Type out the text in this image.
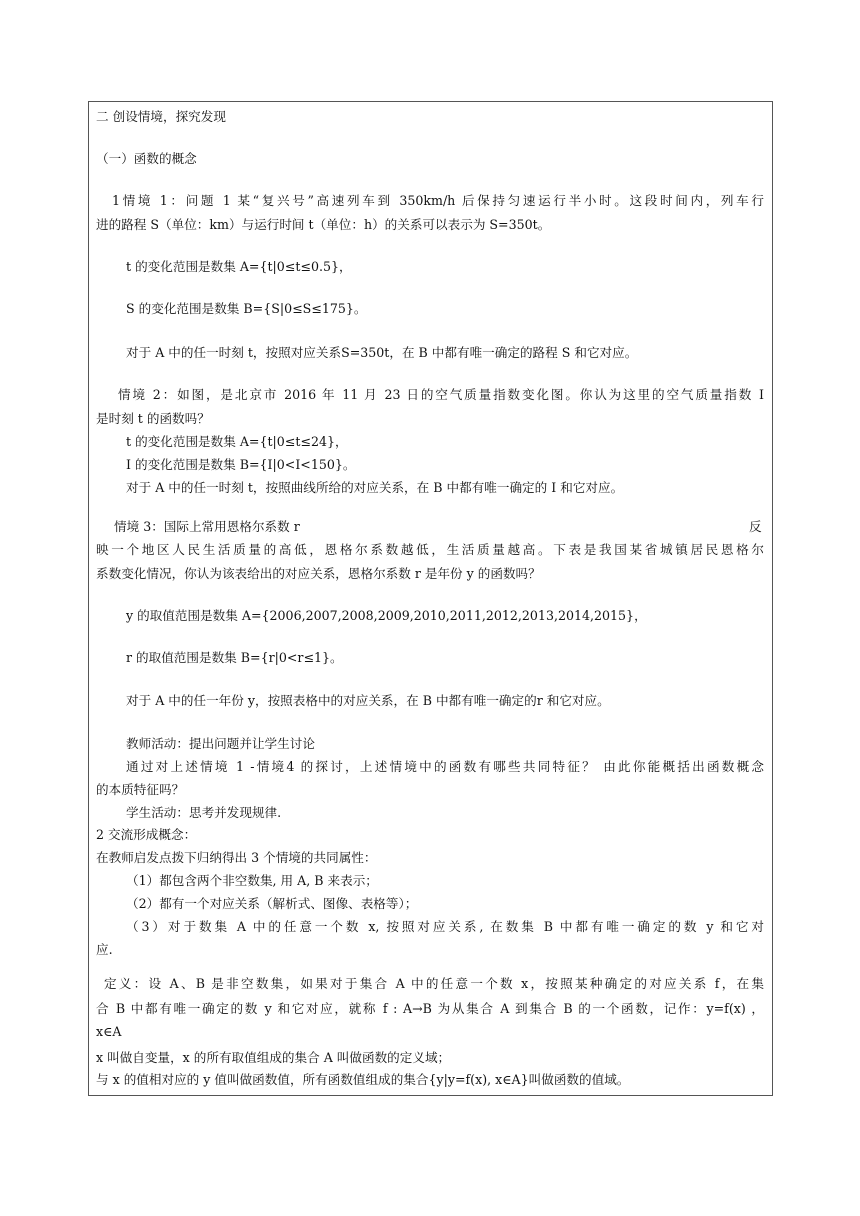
二 创设情境，探究发现
（一）函数的概念
1情境 1：问题 1 某“复兴号”高速列车到 350km/h 后保持匀速运行半小时。这段时间内，列车行
进的路程 S（单位：km）与运行时间 t（单位：h）的关系可以表示为 S=350t。
t 的变化范围是数集 A={t|0≤t≤0.5}，
S 的变化范围是数集 B={S|0≤S≤175}。
对于 A 中的任一时刻 t，按照对应关系S=350t，在 B 中都有唯一确定的路程 S 和它对应。
情境 2：如图，是北京市 2016 年 11 月 23 日的空气质量指数变化图。你认为这里的空气质量指数 I
是时刻 t 的函数吗？
t 的变化范围是数集 A={t|0≤t≤24}，
I 的变化范围是数集 B={I|0<I<150}。
对于 A 中的任一时刻 t，按照曲线所给的对应关系，在 B 中都有唯一确定的 I 和它对应。
情境 3：国际上常用恩格尔系数 r	反
映一个地区人民生活质量的高低，恩格尔系数越低，生活质量越高。下表是我国某省城镇居民恩格尔
系数变化情况，你认为该表给出的对应关系，恩格尔系数 r 是年份 y 的函数吗？
y 的取值范围是数集 A={2006,2007,2008,2009,2010,2011,2012,2013,2014,2015}，
r 的取值范围是数集 B={r|0<r≤1}。
对于 A 中的任一年份 y，按照表格中的对应关系，在 B 中都有唯一确定的r 和它对应。
教师活动：提出问题并让学生讨论
通过对上述情境 1 -情境4 的探讨，上述情境中的函数有哪些共同特征？ 由此你能概括出函数概念
的本质特征吗？
学生活动：思考并发现规律.
2 交流形成概念：
在教师启发点拨下归纳得出 3 个情境的共同属性：
（1）都包含两个非空数集, 用 A, B 来表示；
（2）都有一个对应关系（解析式、图像、表格等）；
（3）对于数集 A 中的任意一个数 x, 按照对应关系, 在数集 B 中都有唯一确定的数 y 和它对
应.
定义：设 A、B 是非空数集，如果对于集合 A 中的任意一个数 x，按照某种确定的对应关系 f，在集
合 B 中都有唯一确定的数 y 和它对应，就称 f : A→B 为从集合 A 到集合 B 的一个函数，记作：y=f(x) ，
x∈A
x 叫做自变量，x 的所有取值组成的集合 A 叫做函数的定义域；
与 x 的值相对应的 y 值叫做函数值，所有函数值组成的集合{y|y=f(x), x∈A}叫做函数的值域。
